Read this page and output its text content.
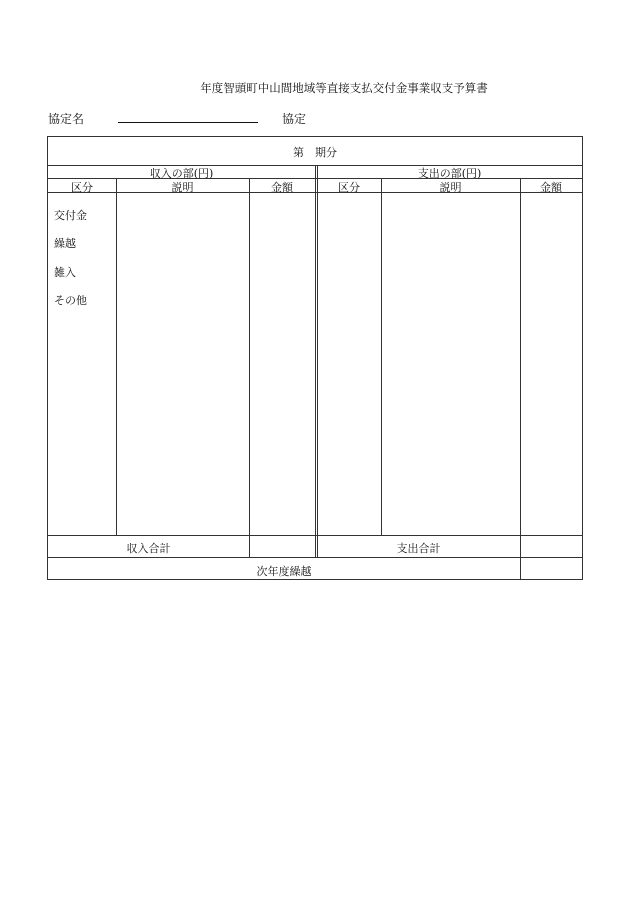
年度智頭町中山間地域等直接支払交付金事業収支予算書
協定名	協定
第　期分
収入の部(円)	支出の部(円)
区分	説明	金額	区分	説明	金額
交付金
繰越
雑入
その他
収入合計	支出合計
次年度繰越
